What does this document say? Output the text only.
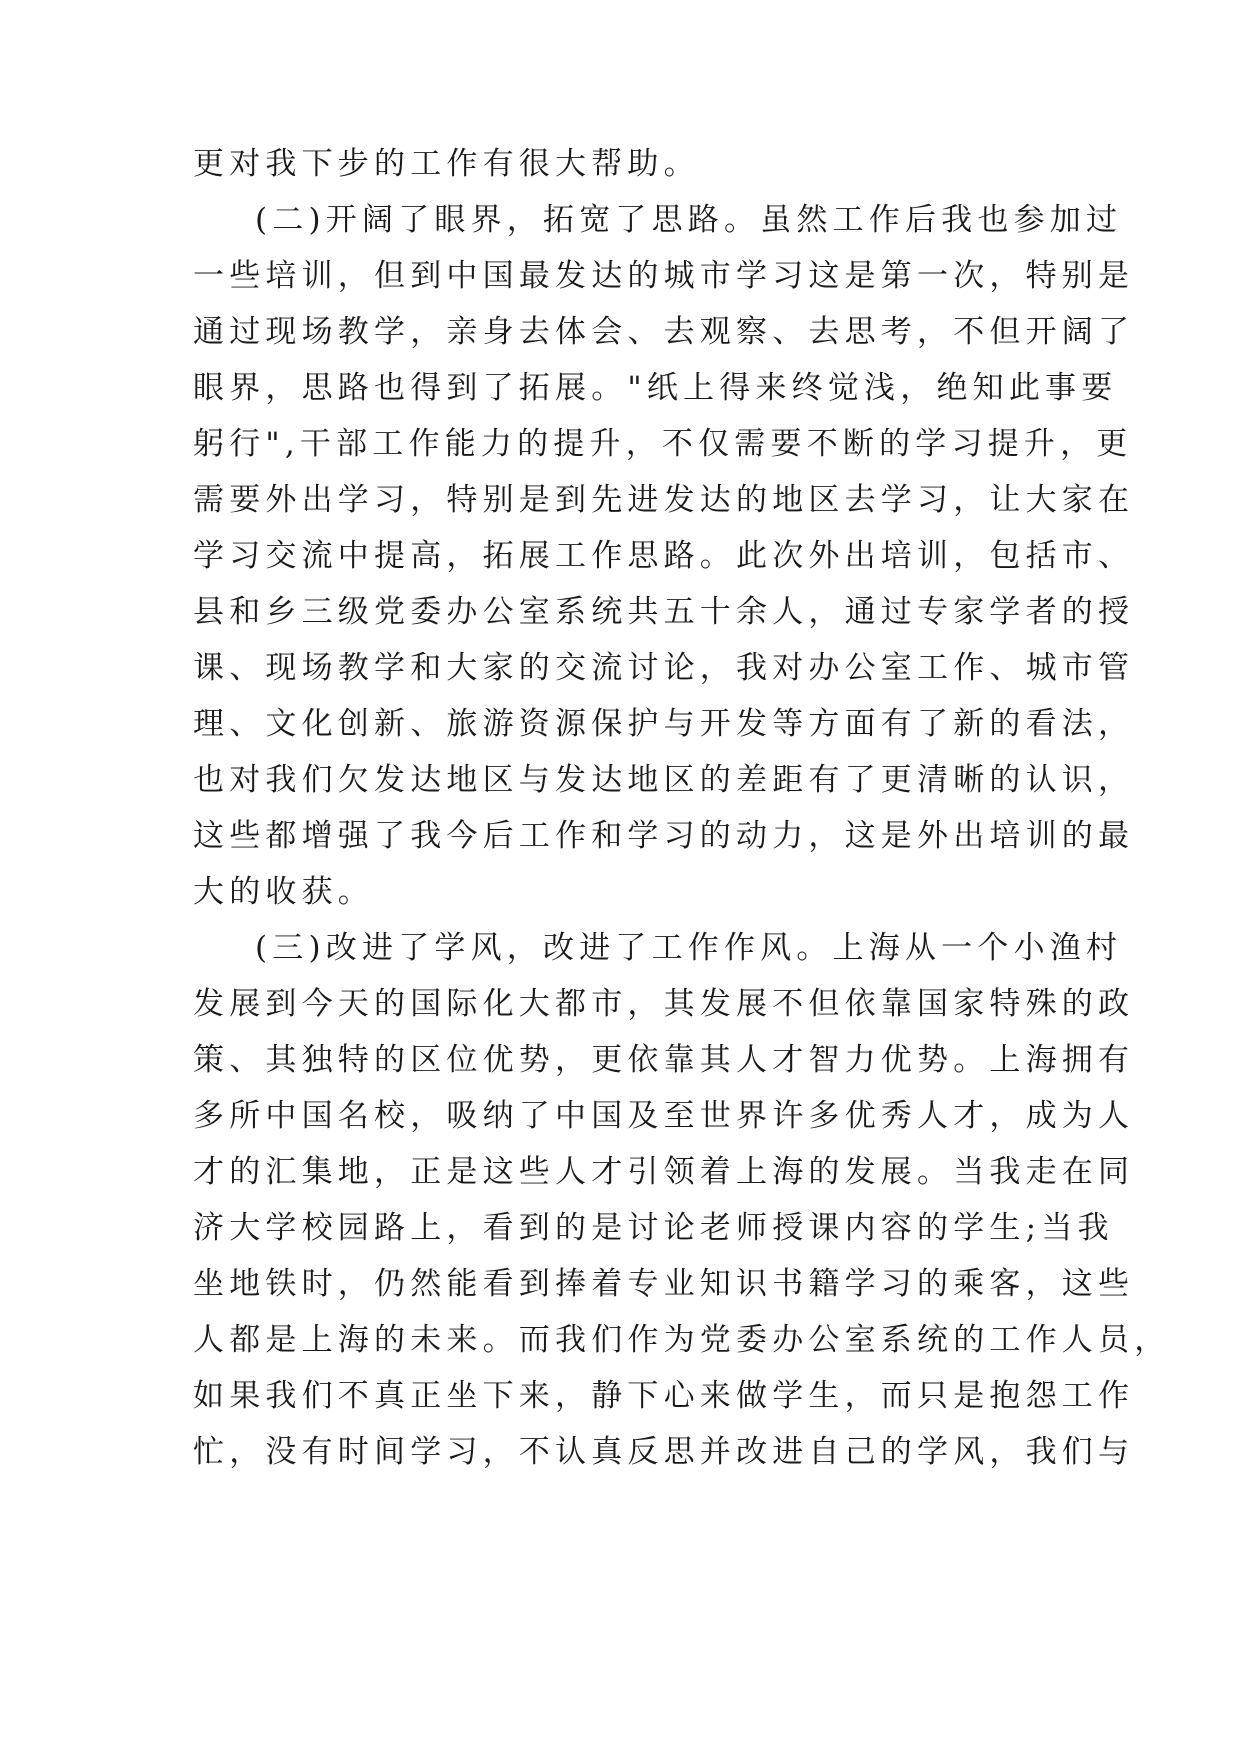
更对我下步的工作有很大帮助。
(二)开阔了眼界，拓宽了思路。虽然工作后我也参加过
一些培训，但到中国最发达的城市学习这是第一次，特别是
通过现场教学，亲身去体会、去观察、去思考，不但开阔了
眼界，思路也得到了拓展。"纸上得来终觉浅，绝知此事要
躬行",干部工作能力的提升，不仅需要不断的学习提升，更
需要外出学习，特别是到先进发达的地区去学习，让大家在
学习交流中提高，拓展工作思路。此次外出培训，包括市、
县和乡三级党委办公室系统共五十余人，通过专家学者的授
课、现场教学和大家的交流讨论，我对办公室工作、城市管
理、文化创新、旅游资源保护与开发等方面有了新的看法，
也对我们欠发达地区与发达地区的差距有了更清晰的认识，
这些都增强了我今后工作和学习的动力，这是外出培训的最
大的收获。
(三)改进了学风，改进了工作作风。上海从一个小渔村
发展到今天的国际化大都市，其发展不但依靠国家特殊的政
策、其独特的区位优势，更依靠其人才智力优势。上海拥有
多所中国名校，吸纳了中国及至世界许多优秀人才，成为人
才的汇集地，正是这些人才引领着上海的发展。当我走在同
济大学校园路上，看到的是讨论老师授课内容的学生;当我
坐地铁时，仍然能看到捧着专业知识书籍学习的乘客，这些
人都是上海的未来。而我们作为党委办公室系统的工作人员，
如果我们不真正坐下来，静下心来做学生，而只是抱怨工作
忙，没有时间学习，不认真反思并改进自己的学风，我们与
